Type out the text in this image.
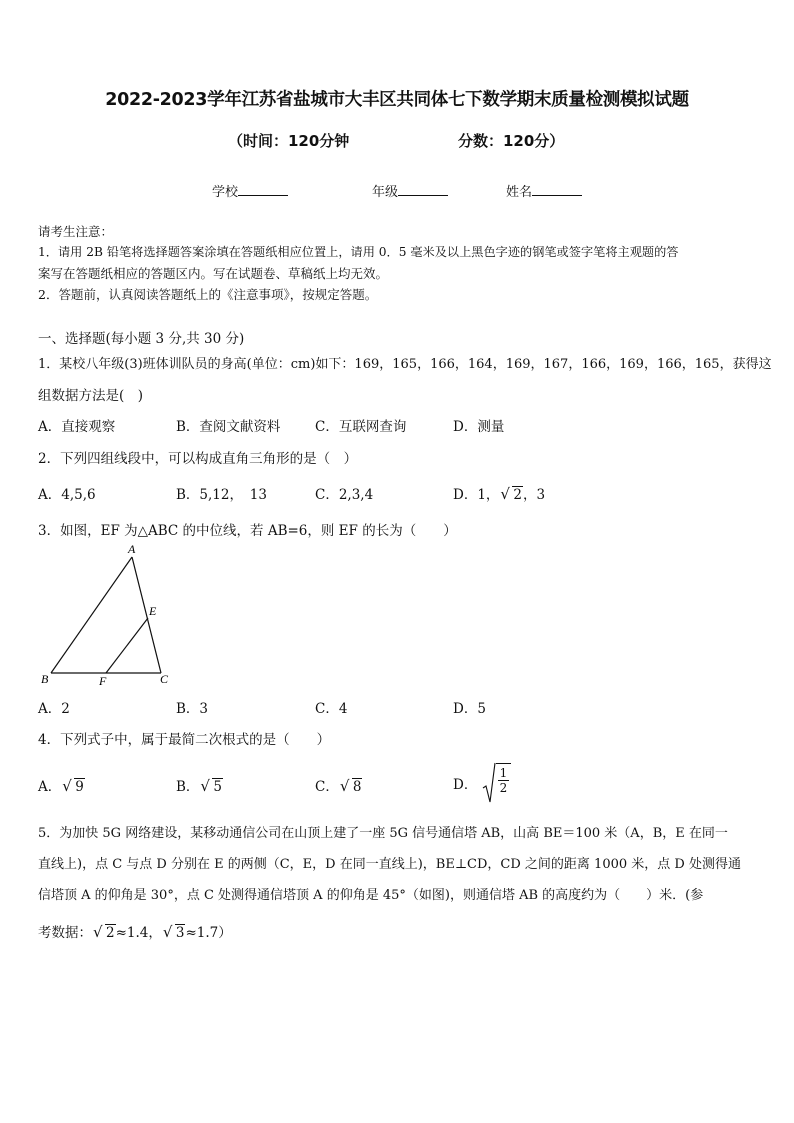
2022-2023学年江苏省盐城市大丰区共同体七下数学期末质量检测模拟试题
（时间：120分钟	分数：120分）
学校	年级	姓名
请考生注意：
1．请用 2B 铅笔将选择题答案涂填在答题纸相应位置上，请用 0．5 毫米及以上黑色字迹的钢笔或签字笔将主观题的答
案写在答题纸相应的答题区内。写在试题卷、草稿纸上均无效。
2．答题前，认真阅读答题纸上的《注意事项》，按规定答题。
一、选择题(每小题 3 分,共 30 分)
1．某校八年级(3)班体训队员的身高(单位：cm)如下：169，165，166，164，169，167，166，169，166，165，获得这
组数据方法是(　)
A．直接观察	B．查阅文献资料	C．互联网查询	D．测量
2．下列四组线段中，可以构成直角三角形的是（　）
A．4,5,6	B．5,12，　13	C．2,3,4	D．1， √ 2，3
3．如图，EF 为△ABC 的中位线，若 AB=6，则 EF 的长为（　　）
A
B	C
E
F
A．2	B．3	C．4	D．5
4．下列式子中，属于最简二次根式的是（　　）
A． √ 9	B． √ 5	C． √ 8	D． $\frac{1}{2}$
5．为加快 5G 网络建设，某移动通信公司在山顶上建了一座 5G 信号通信塔 AB，山高 BE＝100 米（A，B，E 在同一
直线上)，点 C 与点 D 分别在 E 的两侧（C，E，D 在同一直线上)，BE⊥CD，CD 之间的距离 1000 米，点 D 处测得通
信塔顶 A 的仰角是 30°，点 C 处测得通信塔顶 A 的仰角是 45°（如图)，则通信塔 AB 的高度约为（　　）米．(参
考数据： √ 2≈1.4， √ 3≈1.7）
